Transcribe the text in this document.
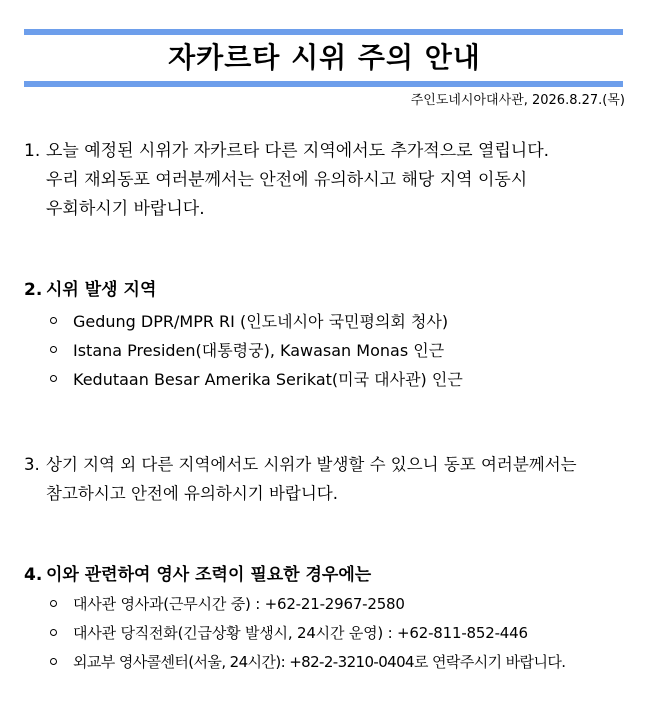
자카르타 시위 주의 안내
주인도네시아대사관, 2026.8.27.(목)
1. 오늘 예정된 시위가 자카르타 다른 지역에서도 추가적으로 열립니다.
우리 재외동포 여러분께서는 안전에 유의하시고 해당 지역 이동시
우회하시기 바랍니다.
2. 시위 발생 지역
Gedung DPR/MPR RI (인도네시아 국민평의회 청사)
Istana Presiden(대통령궁), Kawasan Monas 인근
Kedutaan Besar Amerika Serikat(미국 대사관) 인근
3. 상기 지역 외 다른 지역에서도 시위가 발생할 수 있으니 동포 여러분께서는
참고하시고 안전에 유의하시기 바랍니다.
4. 이와 관련하여 영사 조력이 필요한 경우에는
대사관 영사과(근무시간 중) : +62-21-2967-2580
대사관 당직전화(긴급상황 발생시, 24시간 운영) : +62-811-852-446
외교부 영사콜센터(서울, 24시간): +82-2-3210-0404로 연락주시기 바랍니다.
